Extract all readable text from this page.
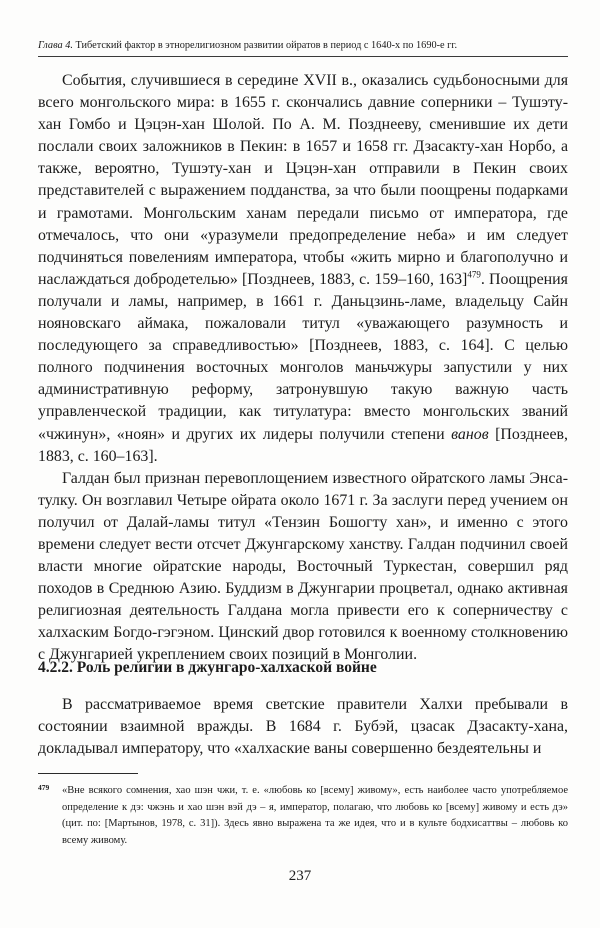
Глава 4. Тибетский фактор в этнорелигиозном развитии ойратов в период с 1640-х по 1690-е гг.

События, случившиеся в середине XVII в., оказались судьбоносными для всего монгольского мира: в 1655 г. скончались давние соперники – Тушэту-хан Гомбо и Цэцэн-хан Шолой. По А. М. Позднееву, сменившие их дети послали своих заложников в Пекин: в 1657 и 1658 гг. Дзасакту-хан Норбо, а также, вероятно, Тушэту-хан и Цэцэн-хан отправили в Пекин своих представителей с выражением подданства, за что были поощрены подарками и грамотами. Монгольским ханам передали письмо от императора, где отмечалось, что они «уразумели предопределение неба» и им следует подчиняться повелениям императора, чтобы «жить мирно и благополучно и наслаждаться добродетелью» [Позднеев, 1883, с. 159–160, 163]$^{479}$. Поощрения получали и ламы, например, в 1661 г. Даньцзинь-ламе, владельцу Сайн нояновскаго аймака, пожаловали титул «уважающего разумность и последующего за справедливостью» [Позднеев, 1883, с. 164]. С целью полного подчинения восточных монголов маньчжуры запустили у них административную реформу, затронувшую такую важную часть управленческой традиции, как титулатура: вместо монгольских званий «чжинун», «нoян» и других их лидеры получили степени ванов [Позднеев, 1883, с. 160–163].

Галдан был признан перевоплощением известного ойратского ламы Энса-тулку. Он возглавил Четыре ойрата около 1671 г. За заслуги перед учением он получил от Далай-ламы титул «Тензин Бошогту хан», и именно с этого времени следует вести отсчет Джунгарскому ханству. Галдан подчинил своей власти многие ойратские народы, Восточный Туркестан, совершил ряд походов в Среднюю Азию. Буддизм в Джунгарии процветал, однако активная религиозная деятельность Галдана могла привести его к соперничеству с халхаским Богдо-гэгэном. Цинский двор готовился к военному столкновению с Джунгарией укреплением своих позиций в Монголии.

4.2.2. Роль религии в джунгаро-халхаской войне

В рассматриваемое время светские правители Халхи пребывали в состоянии взаимной вражды. В 1684 г. Бубэй, цзасак Дзасакту-хана, докладывал императору, что «халхаские ваны совершенно бездеятельны и

479 «Вне всякого сомнения, хао шэн чжи, т. е. «любовь ко [всему] живому», есть наиболее часто употребляемое определение к дэ: чжэнь и хао шэн вэй дэ – я, император, полагаю, что любовь ко [всему] живому и есть дэ» (цит. по: [Мартынов, 1978, с. 31]). Здесь явно выражена та же идея, что и в культе бодхисаттвы – любовь ко всему живому.
237
